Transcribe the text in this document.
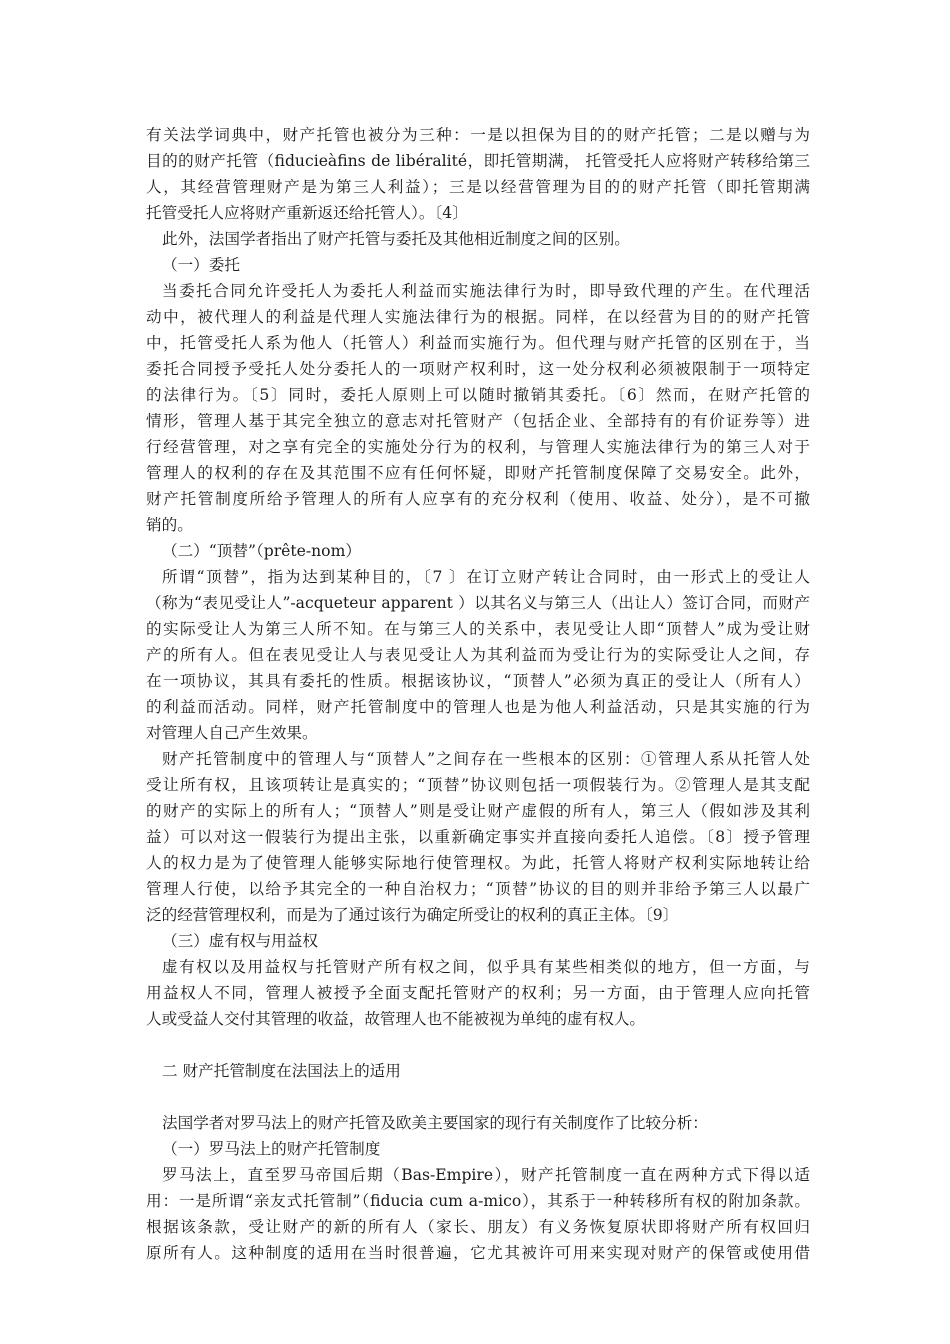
有关法学词典中，财产托管也被分为三种：一是以担保为目的的财产托管；二是以赠与为
目的的财产托管（fiducieàfins de libéralité，即托管期满， 托管受托人应将财产转移给第三
人，其经营管理财产是为第三人利益）；三是以经营管理为目的的财产托管（即托管期满
托管受托人应将财产重新返还给托管人）。〔4〕
此外，法国学者指出了财产托管与委托及其他相近制度之间的区别。
（一）委托
当委托合同允许受托人为委托人利益而实施法律行为时，即导致代理的产生。在代理活
动中，被代理人的利益是代理人实施法律行为的根据。同样，在以经营为目的的财产托管
中，托管受托人系为他人（托管人）利益而实施行为。但代理与财产托管的区别在于，当
委托合同授予受托人处分委托人的一项财产权利时，这一处分权利必须被限制于一项特定
的法律行为。〔5〕同时，委托人原则上可以随时撤销其委托。〔6〕然而，在财产托管的
情形，管理人基于其完全独立的意志对托管财产（包括企业、全部持有的有价证券等）进
行经营管理，对之享有完全的实施处分行为的权利，与管理人实施法律行为的第三人对于
管理人的权利的存在及其范围不应有任何怀疑，即财产托管制度保障了交易安全。此外，
财产托管制度所给予管理人的所有人应享有的充分权利（使用、收益、处分），是不可撤
销的。
（二）“顶替”（prête-nom）
所谓“顶替”，指为达到某种目的，〔7 〕在订立财产转让合同时，由一形式上的受让人
（称为“表见受让人”-acqueteur apparent ）以其名义与第三人（出让人）签订合同，而财产
的实际受让人为第三人所不知。在与第三人的关系中，表见受让人即“顶替人”成为受让财
产的所有人。但在表见受让人与表见受让人为其利益而为受让行为的实际受让人之间，存
在一项协议，其具有委托的性质。根据该协议，“顶替人”必须为真正的受让人（所有人）
的利益而活动。同样，财产托管制度中的管理人也是为他人利益活动，只是其实施的行为
对管理人自己产生效果。
财产托管制度中的管理人与“顶替人”之间存在一些根本的区别：①管理人系从托管人处
受让所有权，且该项转让是真实的；“顶替”协议则包括一项假装行为。②管理人是其支配
的财产的实际上的所有人；“顶替人”则是受让财产虚假的所有人，第三人（假如涉及其利
益）可以对这一假装行为提出主张，以重新确定事实并直接向委托人追偿。〔8〕授予管理
人的权力是为了使管理人能够实际地行使管理权。为此，托管人将财产权利实际地转让给
管理人行使，以给予其完全的一种自治权力；“顶替”协议的目的则并非给予第三人以最广
泛的经营管理权利，而是为了通过该行为确定所受让的权利的真正主体。〔9〕
（三）虚有权与用益权
虚有权以及用益权与托管财产所有权之间，似乎具有某些相类似的地方，但一方面，与
用益权人不同，管理人被授予全面支配托管财产的权利；另一方面，由于管理人应向托管
人或受益人交付其管理的收益，故管理人也不能被视为单纯的虚有权人。
二 财产托管制度在法国法上的适用
法国学者对罗马法上的财产托管及欧美主要国家的现行有关制度作了比较分析：
（一）罗马法上的财产托管制度
罗马法上，直至罗马帝国后期（Bas-Empire），财产托管制度一直在两种方式下得以适
用：一是所谓“亲友式托管制”（fiducia cum a-mico），其系于一种转移所有权的附加条款。
根据该条款，受让财产的新的所有人（家长、朋友）有义务恢复原状即将财产所有权回归
原所有人。这种制度的适用在当时很普遍，它尤其被许可用来实现对财产的保管或使用借
